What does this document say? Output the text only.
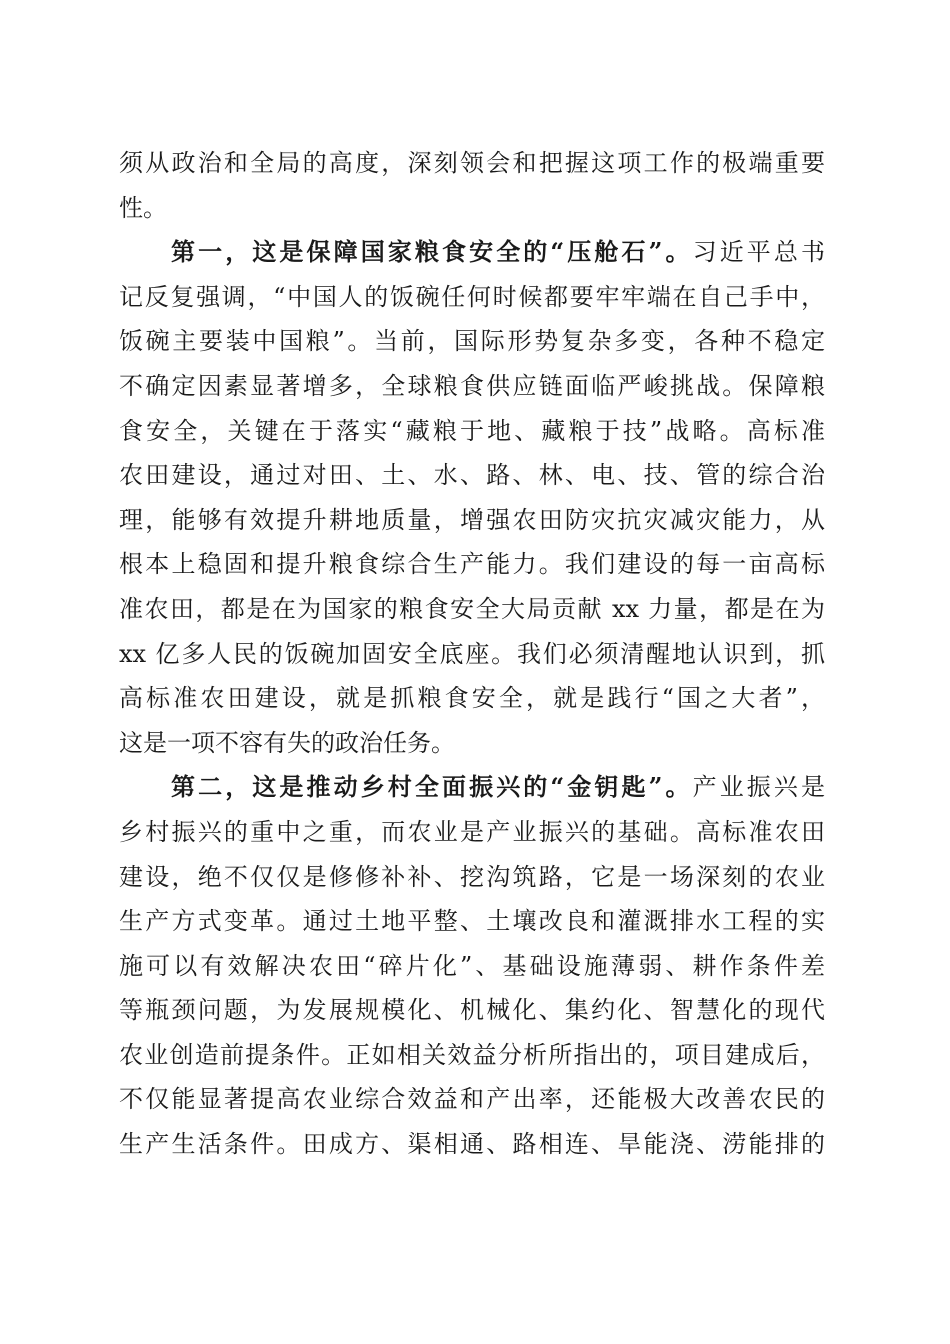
须从政治和全局的高度，深刻领会和把握这项工作的极端重要
性。
第一，这是保障国家粮食安全的“压舱石”。习近平总书
记反复强调，“中国人的饭碗任何时候都要牢牢端在自己手中，
饭碗主要装中国粮”。当前，国际形势复杂多变，各种不稳定
不确定因素显著增多，全球粮食供应链面临严峻挑战。保障粮
食安全，关键在于落实“藏粮于地、藏粮于技”战略。高标准
农田建设，通过对田、土、水、路、林、电、技、管的综合治
理，能够有效提升耕地质量，增强农田防灾抗灾减灾能力，从
根本上稳固和提升粮食综合生产能力。我们建设的每一亩高标
准农田，都是在为国家的粮食安全大局贡献 xx 力量，都是在为
xx 亿多人民的饭碗加固安全底座。我们必须清醒地认识到，抓
高标准农田建设，就是抓粮食安全，就是践行“国之大者”，
这是一项不容有失的政治任务。
第二，这是推动乡村全面振兴的“金钥匙”。产业振兴是
乡村振兴的重中之重，而农业是产业振兴的基础。高标准农田
建设，绝不仅仅是修修补补、挖沟筑路，它是一场深刻的农业
生产方式变革。通过土地平整、土壤改良和灌溉排水工程的实
施可以有效解决农田“碎片化”、基础设施薄弱、耕作条件差
等瓶颈问题，为发展规模化、机械化、集约化、智慧化的现代
农业创造前提条件。正如相关效益分析所指出的，项目建成后，
不仅能显著提高农业综合效益和产出率，还能极大改善农民的
生产生活条件。田成方、渠相通、路相连、旱能浇、涝能排的
